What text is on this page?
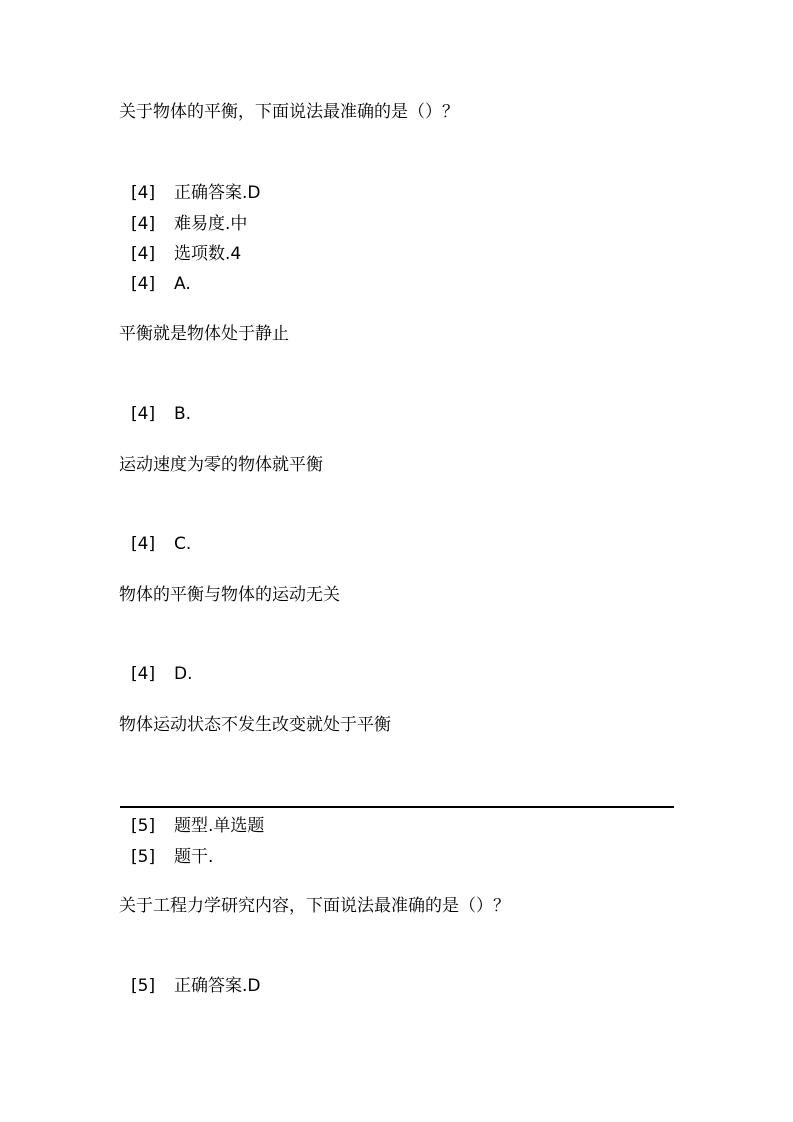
关于物体的平衡，下面说法最准确的是（）？
[4] 正确答案.D
[4] 难易度.中
[4] 选项数.4
[4] A.
平衡就是物体处于静止
[4] B.
运动速度为零的物体就平衡
[4] C.
物体的平衡与物体的运动无关
[4] D.
物体运动状态不发生改变就处于平衡
[5] 题型.单选题
[5] 题干.
关于工程力学研究内容，下面说法最准确的是（）？
[5] 正确答案.D
